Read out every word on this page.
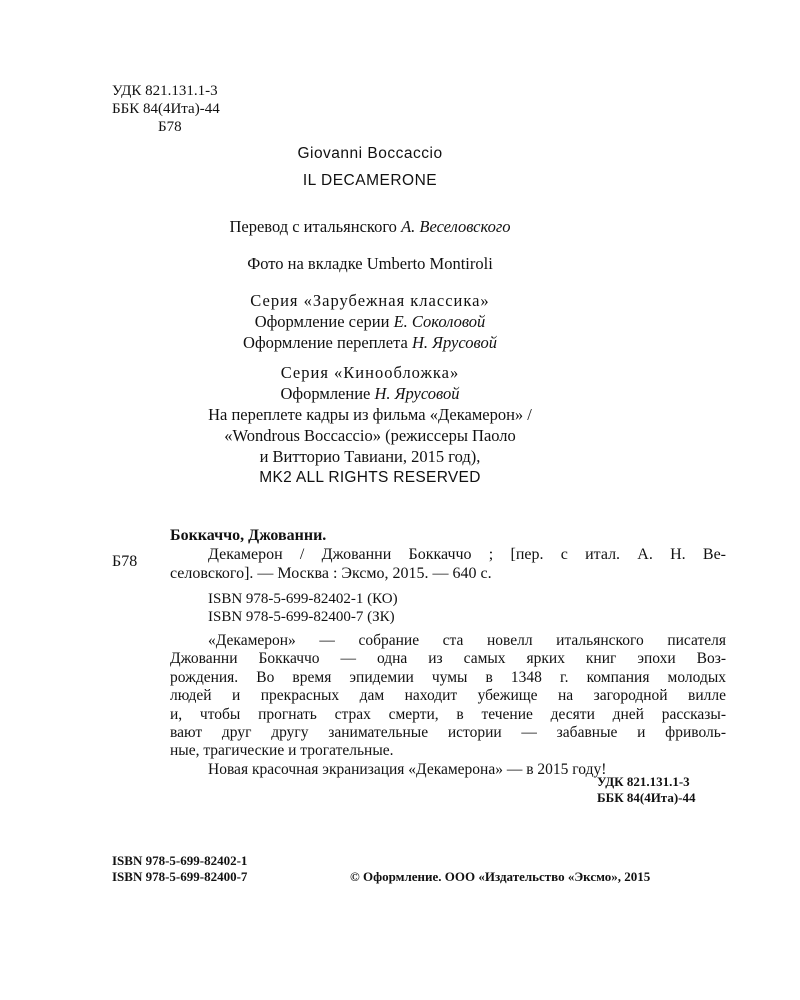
УДК 821.131.1-3
ББК 84(4Ита)-44
Б78
Giovanni Boccaccio
IL DECAMERONE
Перевод с итальянского А. Веселовского
Фото на вкладке Umberto Montiroli
Серия «Зарубежная классика»
Оформление серии Е. Соколовой
Оформление переплета Н. Ярусовой
Серия «Кинообложка»
Оформление Н. Ярусовой
На переплете кадры из фильма «Декамерон» /
«Wondrous Boccaccio» (режиссеры Паоло
и Витторио Тавиани, 2015 год),
MK2 ALL RIGHTS RESERVED
Боккаччо, Джованни.
Б78	Декамерон / Джованни Боккаччо ; [пер. с итал. А. Н. Ве-
селовского]. — Москва : Эксмо, 2015. — 640 с.
ISBN 978-5-699-82402-1 (КО)
ISBN 978-5-699-82400-7 (ЗК)
«Декамерон» — собрание ста новелл итальянского писателя
Джованни Боккаччо — одна из самых ярких книг эпохи Воз-
рождения. Во время эпидемии чумы в 1348 г. компания молодых
людей и прекрасных дам находит убежище на загородной вилле
и, чтобы прогнать страх смерти, в течение десяти дней рассказы-
вают друг другу занимательные истории — забавные и фриволь-
ные, трагические и трогательные.
Новая красочная экранизация «Декамерона» — в 2015 году!
УДК 821.131.1-3
ББК 84(4Ита)-44
ISBN 978-5-699-82402-1
ISBN 978-5-699-82400-7	© Оформление. ООО «Издательство «Эксмо», 2015
